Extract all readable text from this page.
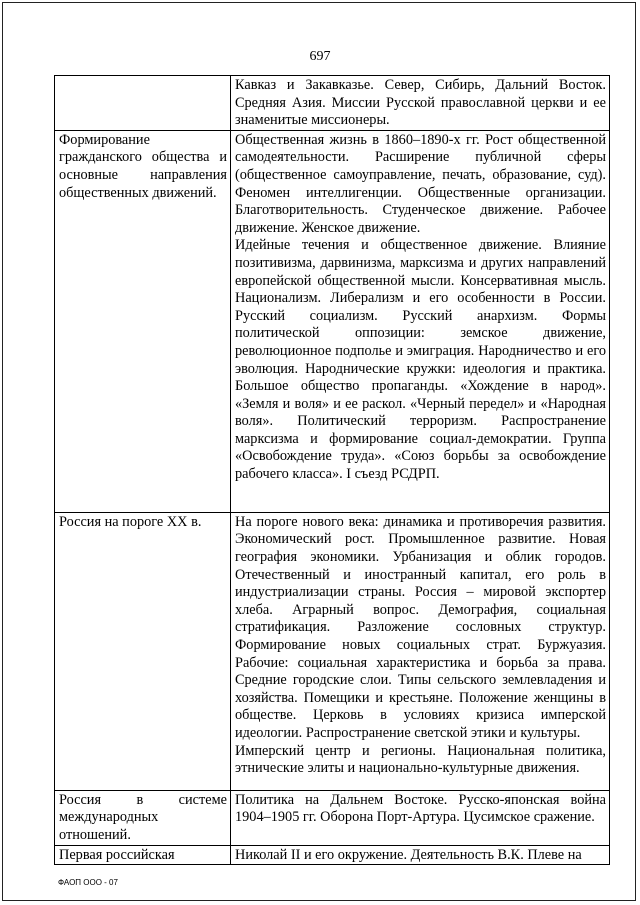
697

	Кавказ и Закавказье. Север, Сибирь, Дальний Восток. Средняя Азия. Миссии Русской православной церкви и ее знаменитые миссионеры.

Формирование гражданского общества и основные направления общественных движений.	Общественная жизнь в 1860–1890-х гг. Рост общественной самодеятельности. Расширение публичной сферы (общественное самоуправление, печать, образование, суд). Феномен интеллигенции. Общественные организации. Благотворительность. Студенческое движение. Рабочее движение. Женское движение.
Идейные течения и общественное движение. Влияние позитивизма, дарвинизма, марксизма и других направлений европейской общественной мысли. Консервативная мысль. Национализм. Либерализм и его особенности в России. Русский социализм. Русский анархизм. Формы политической оппозиции: земское движение, революционное подполье и эмиграция. Народничество и его эволюция. Народнические кружки: идеология и практика. Большое общество пропаганды. «Хождение в народ». «Земля и воля» и ее раскол. «Черный передел» и «Народная воля». Политический терроризм. Распространение марксизма и формирование социал-демократии. Группа «Освобождение труда». «Союз борьбы за освобождение рабочего класса». I съезд РСДРП.

Россия на пороге XX в.	На пороге нового века: динамика и противоречия развития. Экономический рост. Промышленное развитие. Новая география экономики. Урбанизация и облик городов. Отечественный и иностранный капитал, его роль в индустриализации страны. Россия – мировой экспортер хлеба. Аграрный вопрос. Демография, социальная стратификация. Разложение сословных структур. Формирование новых социальных страт. Буржуазия. Рабочие: социальная характеристика и борьба за права. Средние городские слои. Типы сельского землевладения и хозяйства. Помещики и крестьяне. Положение женщины в обществе. Церковь в условиях кризиса имперской идеологии. Распространение светской этики и культуры.
Имперский центр и регионы. Национальная политика, этнические элиты и национально-культурные движения.

Россия в системе международных отношений.	Политика на Дальнем Востоке. Русско-японская война 1904–1905 гг. Оборона Порт-Артура. Цусимское сражение.

Первая российская	Николай II и его окружение. Деятельность В.К. Плеве на
ФАОП ООО - 07
